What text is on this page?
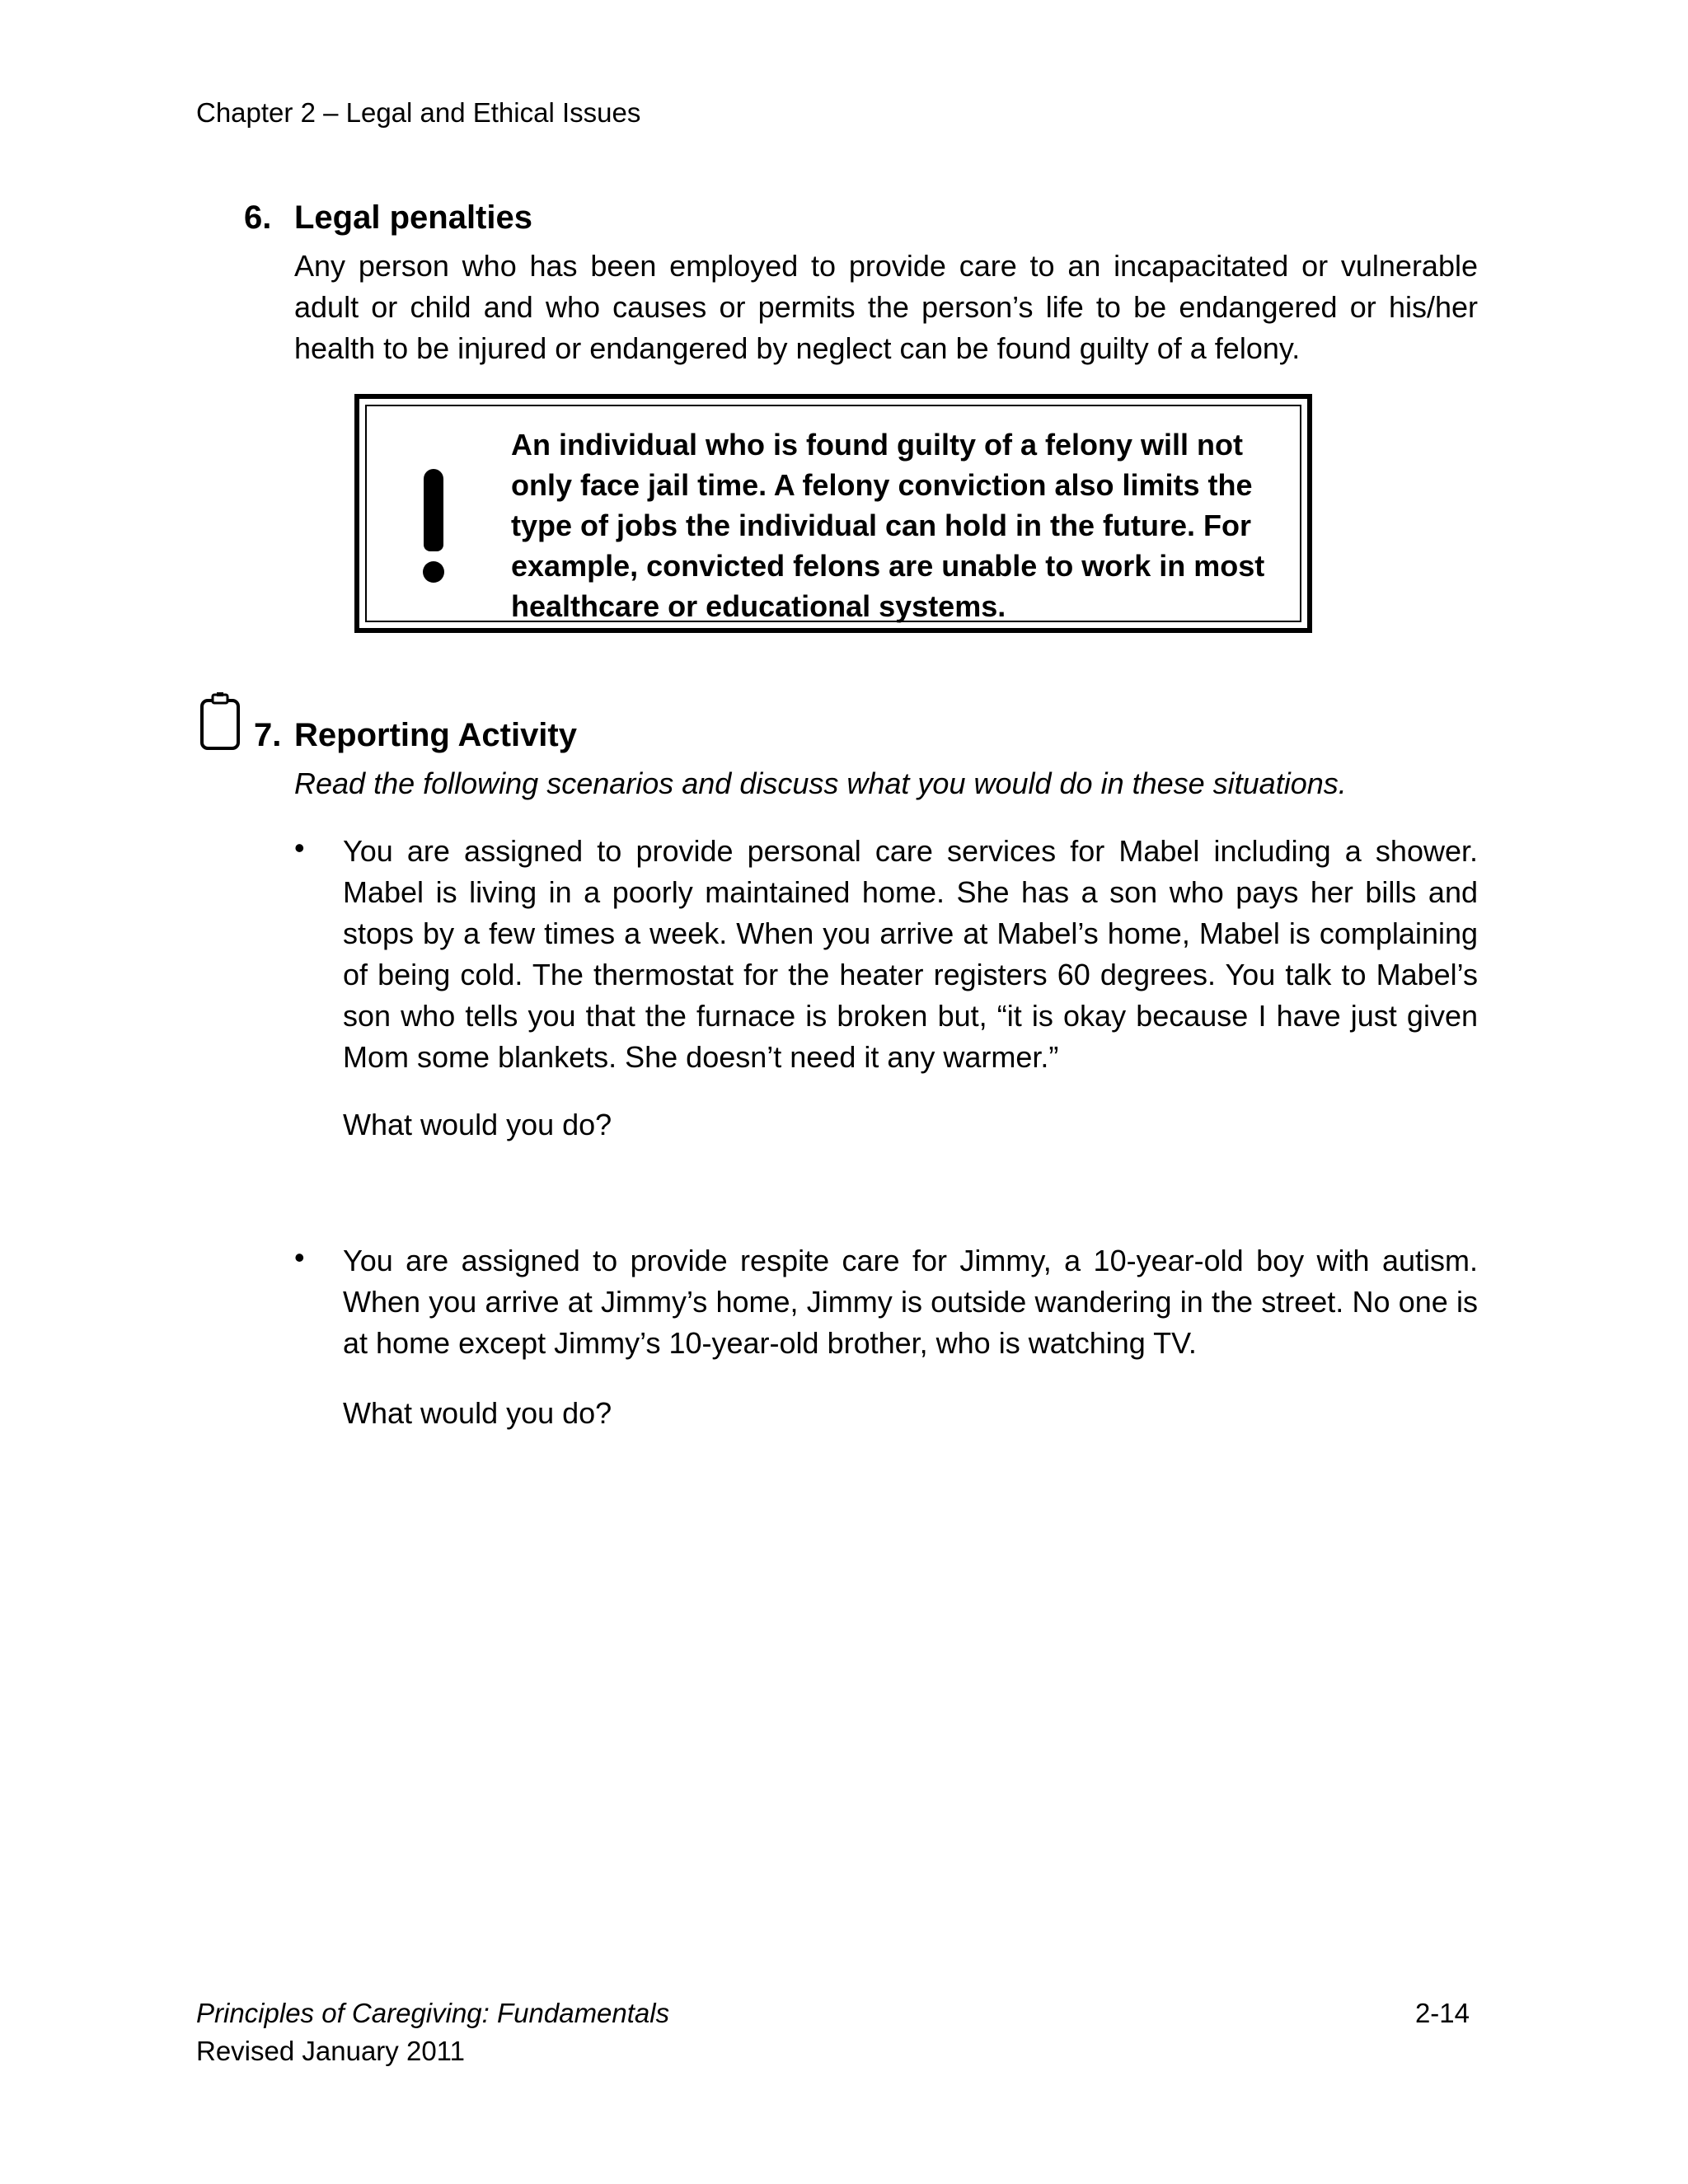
Chapter 2 – Legal and Ethical Issues
6. Legal penalties
Any person who has been employed to provide care to an incapacitated or vulnerable adult or child and who causes or permits the person’s life to be endangered or his/her health to be injured or endangered by neglect can be found guilty of a felony.
An individual who is found guilty of a felony will not only face jail time. A felony conviction also limits the type of jobs the individual can hold in the future. For example, convicted felons are unable to work in most healthcare or educational systems.
7. Reporting Activity
Read the following scenarios and discuss what you would do in these situations.
• You are assigned to provide personal care services for Mabel including a shower. Mabel is living in a poorly maintained home. She has a son who pays her bills and stops by a few times a week. When you arrive at Mabel’s home, Mabel is complaining of being cold. The thermostat for the heater registers 60 degrees. You talk to Mabel’s son who tells you that the furnace is broken but, “it is okay because I have just given Mom some blankets. She doesn’t need it any warmer.”
What would you do?
• You are assigned to provide respite care for Jimmy, a 10-year-old boy with autism. When you arrive at Jimmy’s home, Jimmy is outside wandering in the street. No one is at home except Jimmy’s 10-year-old brother, who is watching TV.
What would you do?
Principles of Caregiving: Fundamentals
Revised January 2011
2-14
